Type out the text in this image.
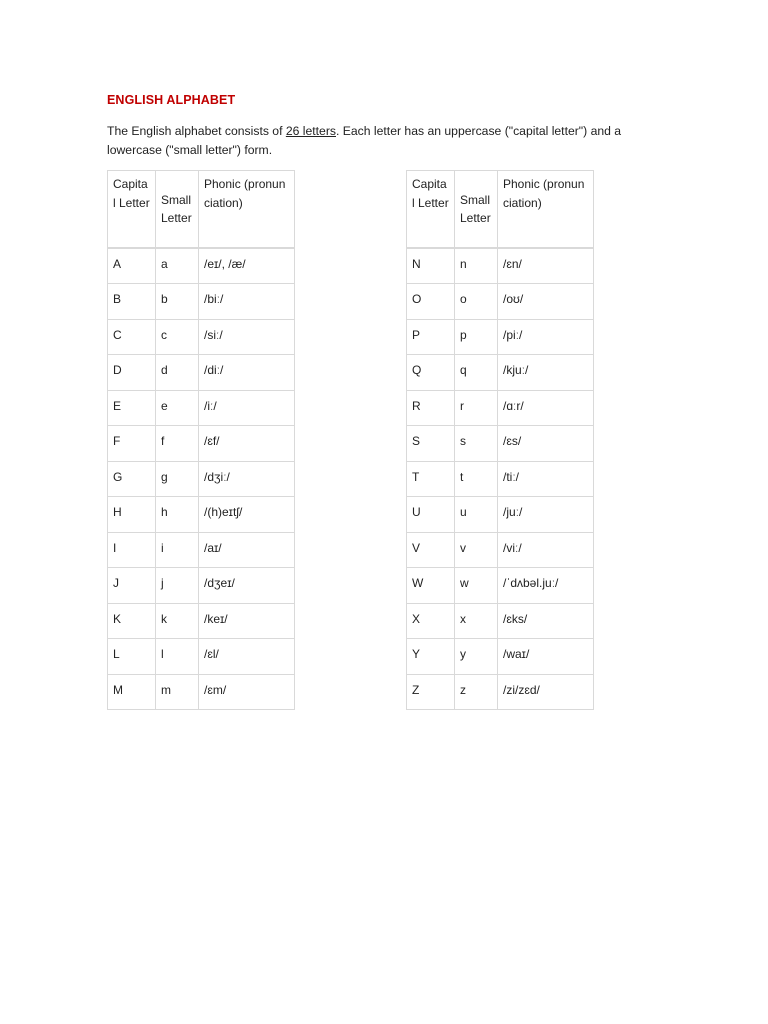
ENGLISH ALPHABET

The English alphabet consists of 26 letters. Each letter has an uppercase ("capital letter") and a lowercase ("small letter") form.

Capital Letter	Small Letter	Phonic (pronunciation)

A	a	/eɪ/, /æ/
B	b	/biː/
C	c	/siː/
D	d	/diː/
E	e	/iː/
F	f	/ɛf/
G	g	/dʒiː/
H	h	/(h)eɪtʃ/
I	i	/aɪ/
J	j	/dʒeɪ/
K	k	/keɪ/
L	l	/ɛl/
M	m	/ɛm/
Capital Letter	Small Letter	Phonic (pronunciation)

N	n	/ɛn/
O	o	/oʊ/
P	p	/piː/
Q	q	/kjuː/
R	r	/ɑːr/
S	s	/ɛs/
T	t	/tiː/
U	u	/juː/
V	v	/viː/
W	w	/ˈdʌbəl.juː/
X	x	/ɛks/
Y	y	/waɪ/
Z	z	/zi/zɛd/
